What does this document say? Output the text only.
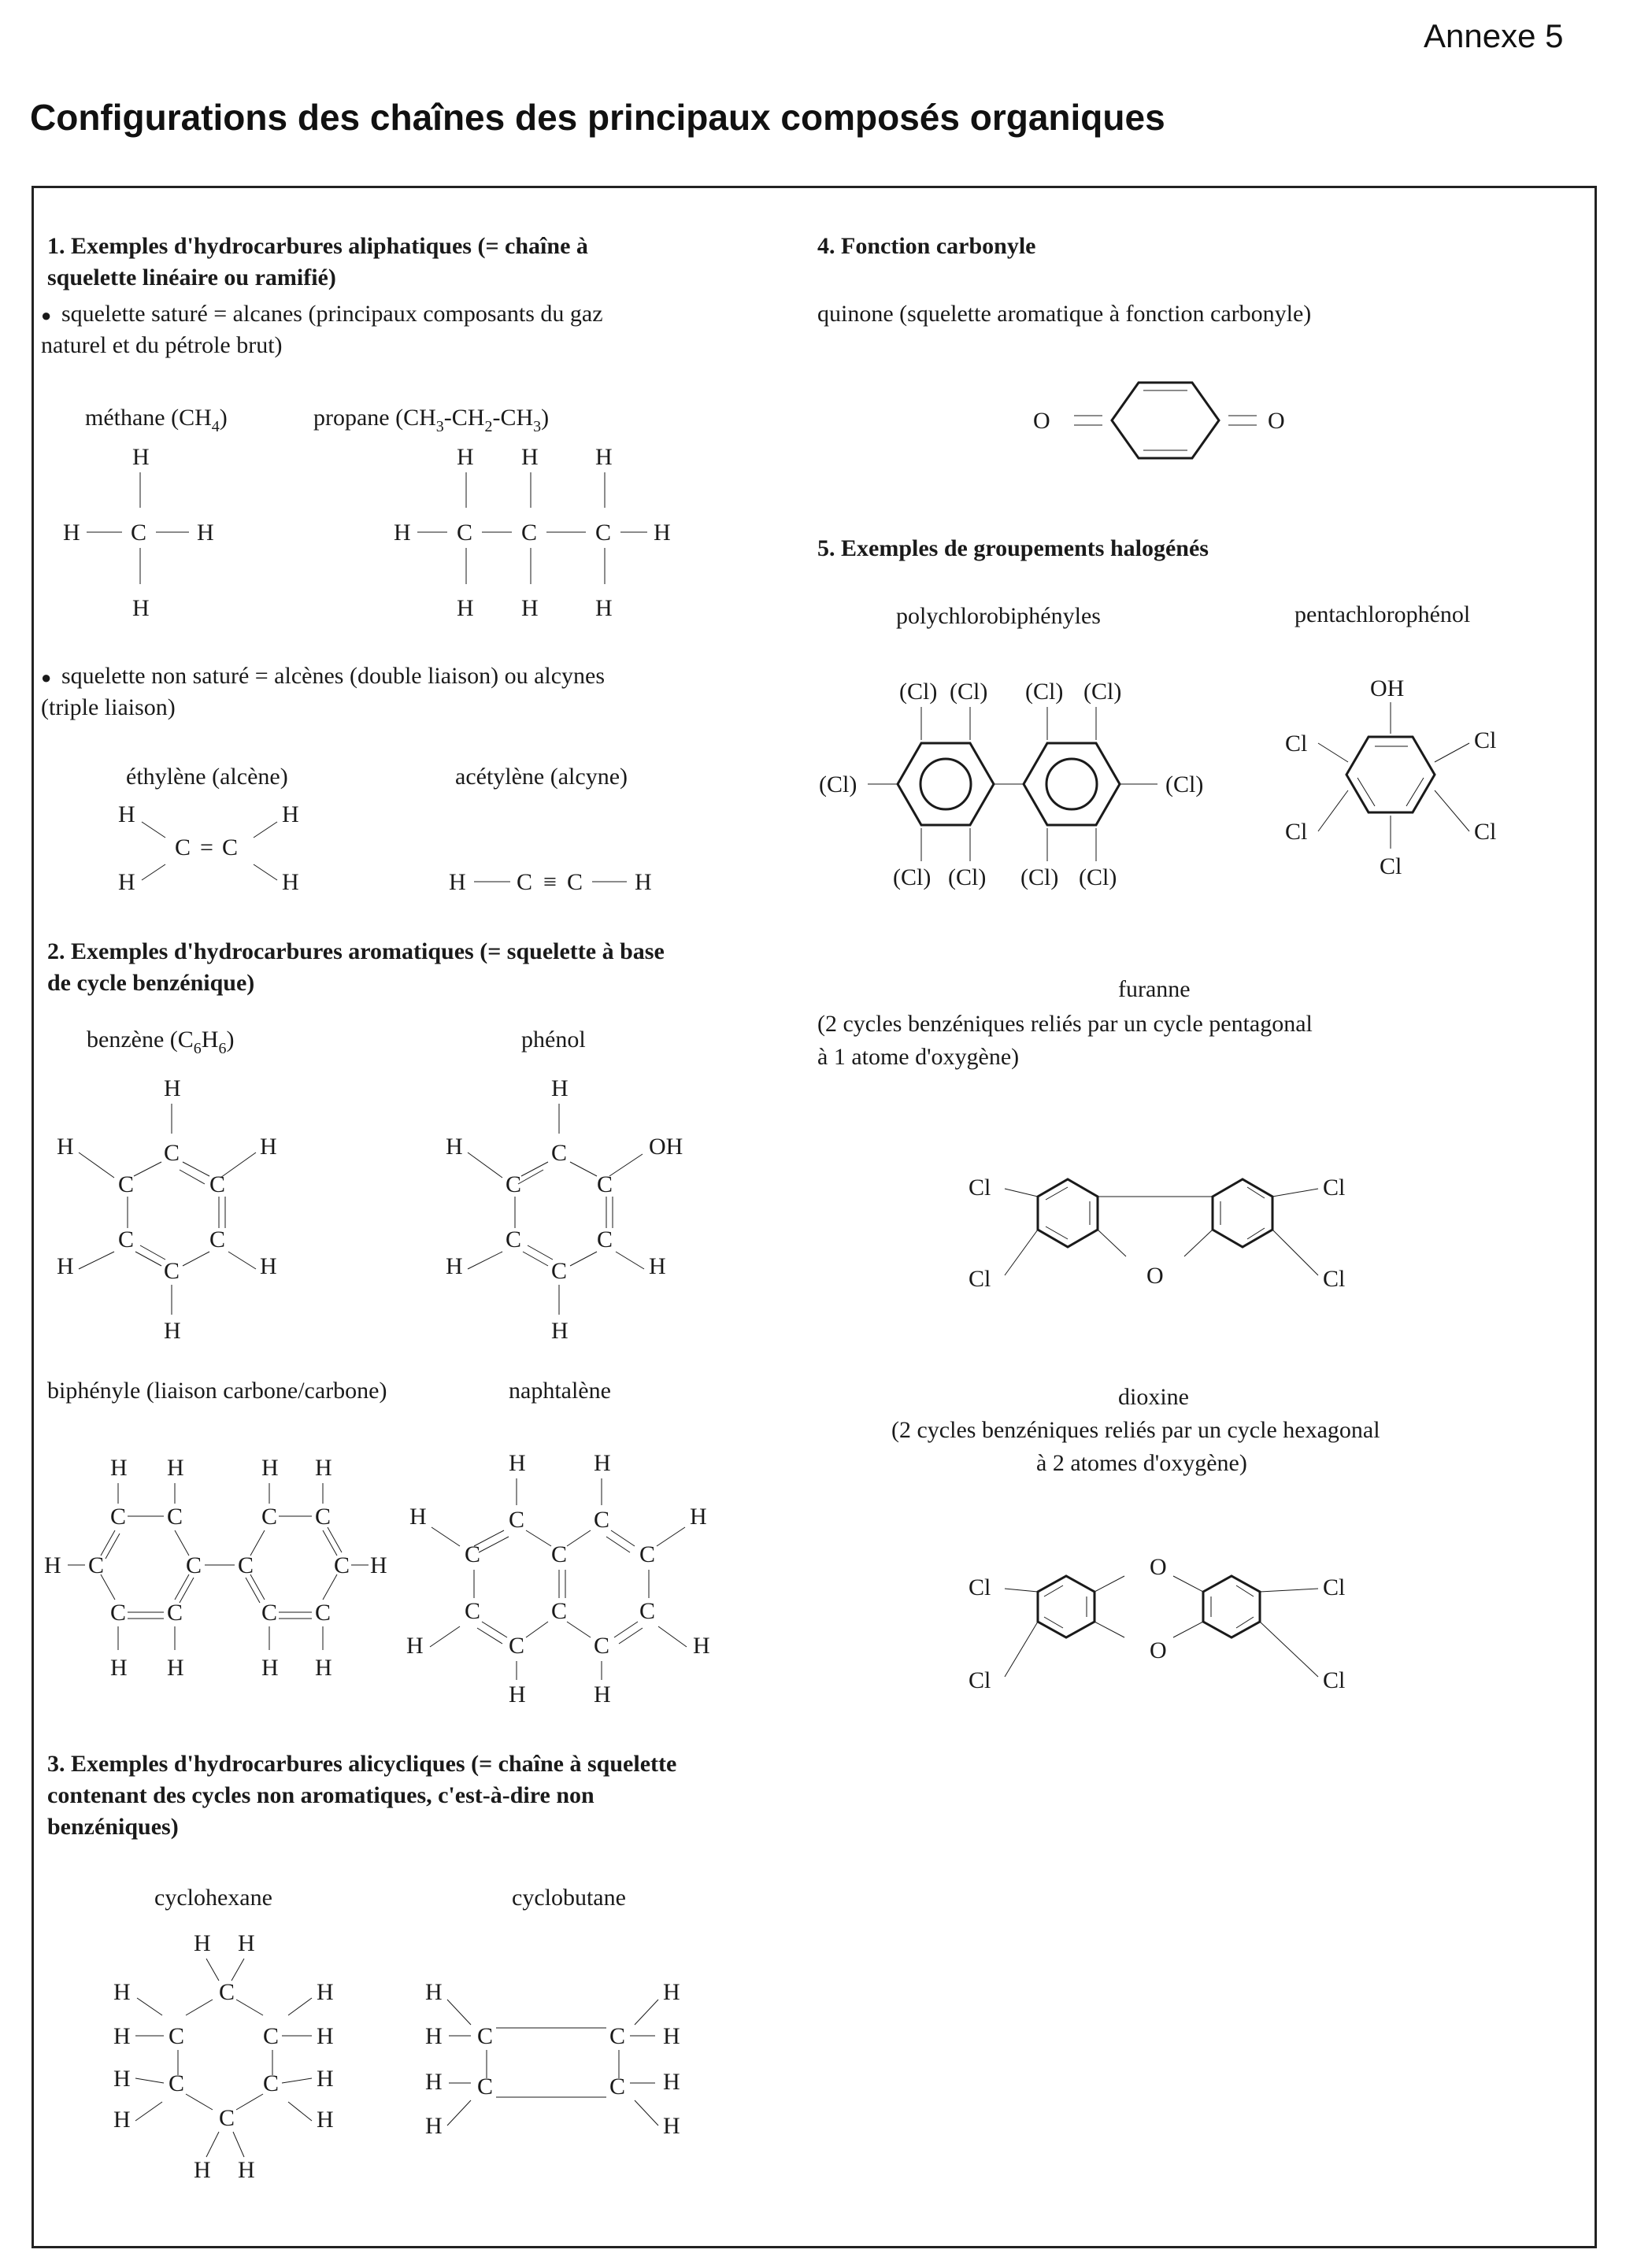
Annexe 5
Configurations des chaînes des principaux composés organiques
1. Exemples d'hydrocarbures aliphatiques (= chaîne à
squelette linéaire ou ramifié)
● squelette saturé = alcanes (principaux composants du gaz
naturel et du pétrole brut)
méthane $(CH_4)$	propane $(CH_3-CH_2-CH_3)$
H
H C H
H
H H H
H C C C H
H H H
● squelette non saturé = alcènes (double liaison) ou alcynes
(triple liaison)
éthylène (alcène)	acétylène (alcyne)
H	H
C = C
H	H	H C ≡ C H
2. Exemples d'hydrocarbures aromatiques (= squelette à base
de cycle benzénique)
benzène $(C_6H_6)$	phénol
H
C
H
C
H
C
C	C
C
H	H
H
H
C
H
C
OH
C
C	C
C
H	H
H
biphényle (liaison carbone/carbone)	naphtalène
H H	H H
C C	C C
H C	C C	C H
C C	C C
H H	H H
H	H
C	C
H	H
C	C	C
C	C	C
C	C
H	H
H	H
3. Exemples d'hydrocarbures alicycliques (= chaîne à squelette
contenant des cycles non aromatiques, c'est-à-dire non
benzéniques)
cyclohexane	cyclobutane
H H
C
H	H
H C	C H
H C	C H
C
H	H
H H
H	H
H C	C H
H C	C H
H	H
4. Fonction carbonyle
quinone (squelette aromatique à fonction carbonyle)
O	O
5. Exemples de groupements halogénés
polychlorobiphényles	pentachlorophénol
(Cl) (Cl) (Cl) (Cl)
(Cl)	(Cl)
(Cl) (Cl) (Cl) (Cl)
OH
Cl	Cl
Cl	Cl
Cl
furanne
(2 cycles benzéniques reliés par un cycle pentagonal
à 1 atome d'oxygène)
O
Cl
Cl
Cl
Cl
dioxine
(2 cycles benzéniques reliés par un cycle hexagonal
à 2 atomes d'oxygène)
O
O
Cl
Cl
Cl
Cl
